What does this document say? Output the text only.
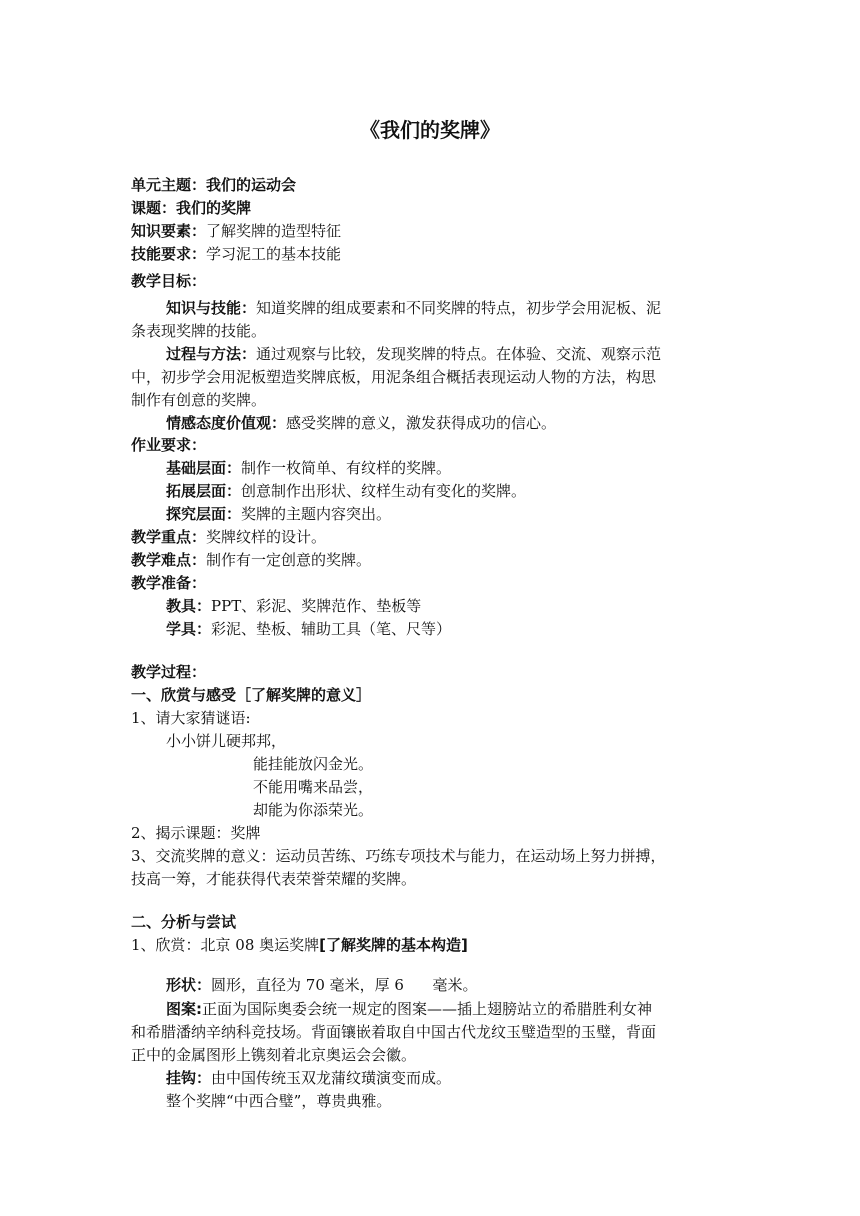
《我们的奖牌》
单元主题：我们的运动会
课题：我们的奖牌
知识要素：了解奖牌的造型特征
技能要求：学习泥工的基本技能
教学目标：
知识与技能：知道奖牌的组成要素和不同奖牌的特点，初步学会用泥板、泥
条表现奖牌的技能。
过程与方法：通过观察与比较，发现奖牌的特点。在体验、交流、观察示范
中，初步学会用泥板塑造奖牌底板，用泥条组合概括表现运动人物的方法，构思
制作有创意的奖牌。
情感态度价值观：感受奖牌的意义，激发获得成功的信心。
作业要求：
基础层面：制作一枚简单、有纹样的奖牌。
拓展层面：创意制作出形状、纹样生动有变化的奖牌。
探究层面：奖牌的主题内容突出。
教学重点：奖牌纹样的设计。
教学难点：制作有一定创意的奖牌。
教学准备：
教具：PPT、彩泥、奖牌范作、垫板等
学具：彩泥、垫板、辅助工具（笔、尺等）
教学过程：
一、欣赏与感受［了解奖牌的意义］
1、请大家猜谜语:
小小饼儿硬邦邦，
能挂能放闪金光。
不能用嘴来品尝，
却能为你添荣光。
2、揭示课题：奖牌
3、交流奖牌的意义：运动员苦练、巧练专项技术与能力，在运动场上努力拼搏，
技高一筹，才能获得代表荣誉荣耀的奖牌。
二、分析与尝试
1、欣赏：北京 08 奥运奖牌[了解奖牌的基本构造]
形状：圆形，直径为 70 毫米，厚 6      毫米。
图案:正面为国际奥委会统一规定的图案——插上翅膀站立的希腊胜利女神
和希腊潘纳辛纳科竞技场。背面镶嵌着取自中国古代龙纹玉璧造型的玉璧，背面
正中的金属图形上镌刻着北京奥运会会徽。
挂钩：由中国传统玉双龙蒲纹璜演变而成。
整个奖牌“中西合璧”，尊贵典雅。
